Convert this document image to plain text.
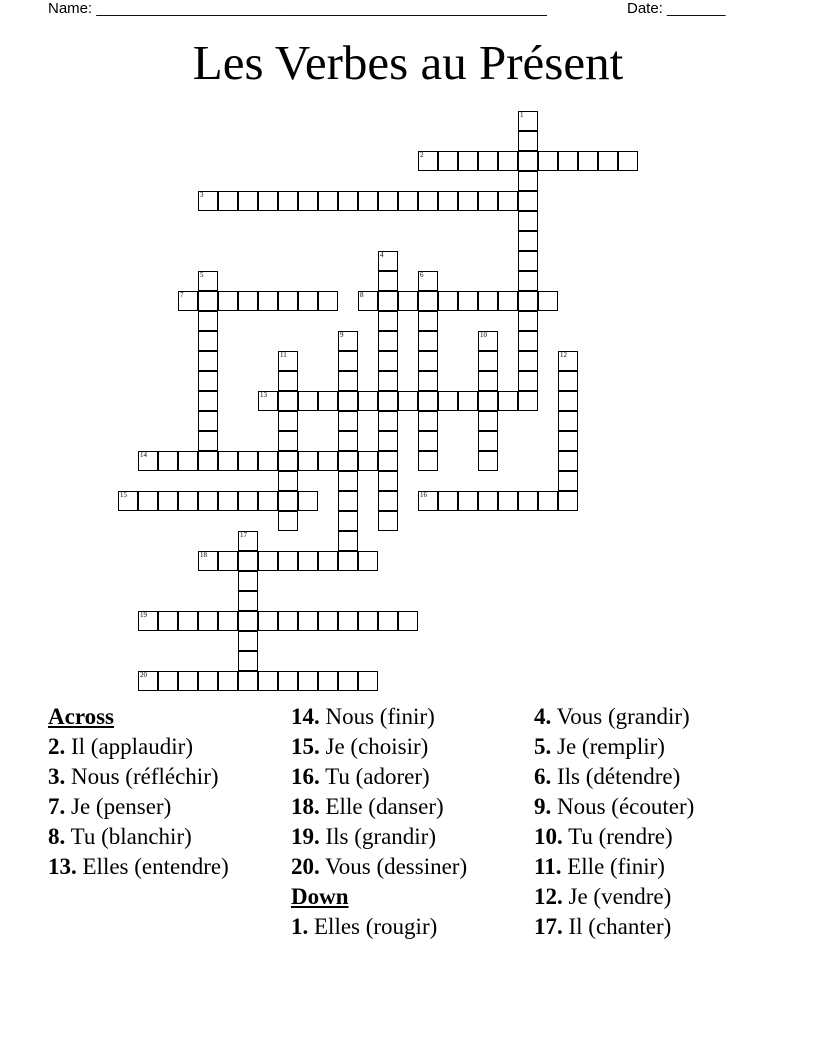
Name: ______________________________________________________	Date: _______
Les Verbes au Présent
1
2
3
4
5	6
7	8
9	10
11	12
13
14
15	16
17
18
19
20
Across
2. Il (applaudir)
3. Nous (réfléchir)
7. Je (penser)
8. Tu (blanchir)
13. Elles (entendre)
14. Nous (finir)
15. Je (choisir)
16. Tu (adorer)
18. Elle (danser)
19. Ils (grandir)
20. Vous (dessiner)
Down
1. Elles (rougir)
4. Vous (grandir)
5. Je (remplir)
6. Ils (détendre)
9. Nous (écouter)
10. Tu (rendre)
11. Elle (finir)
12. Je (vendre)
17. Il (chanter)
